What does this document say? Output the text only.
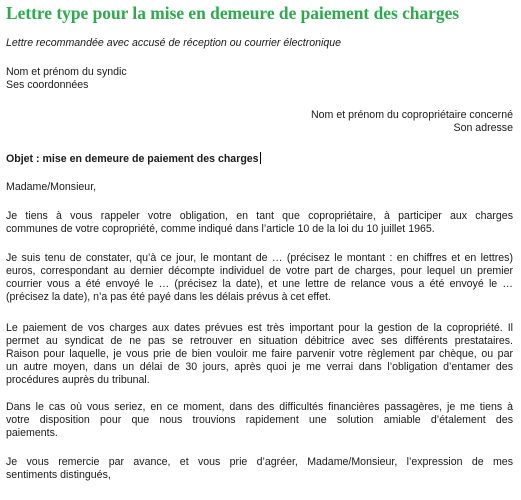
Lettre type pour la mise en demeure de paiement des charges
Lettre recommandée avec accusé de réception ou courrier électronique
Nom et prénom du syndic
Ses coordonnées
Nom et prénom du copropriétaire concerné
Son adresse
Objet : mise en demeure de paiement des charges
Madame/Monsieur,

Je tiens à vous rappeler votre obligation, en tant que copropriétaire, à participer aux charges
communes de votre copropriété, comme indiqué dans l’article 10 de la loi du 10 juillet 1965.

Je suis tenu de constater, qu’à ce jour, le montant de … (précisez le montant : en chiffres et en lettres)
euros, correspondant au dernier décompte individuel de votre part de charges, pour lequel un premier
courrier vous a été envoyé le … (précisez la date), et une lettre de relance vous a été envoyé le …
(précisez la date), n’a pas été payé dans les délais prévus à cet effet.

Le paiement de vos charges aux dates prévues est très important pour la gestion de la copropriété. Il
permet au syndicat de ne pas se retrouver en situation débitrice avec ses différents prestataires.
Raison pour laquelle, je vous prie de bien vouloir me faire parvenir votre règlement par chèque, ou par
un autre moyen, dans un délai de 30 jours, après quoi je me verrai dans l’obligation d’entamer des
procédures auprès du tribunal.

Dans le cas où vous seriez, en ce moment, dans des difficultés financières passagères, je me tiens à
votre disposition pour que nous trouvions rapidement une solution amiable d’étalement des
paiements.

Je vous remercie par avance, et vous prie d’agréer, Madame/Monsieur, l’expression de mes
sentiments distingués,
